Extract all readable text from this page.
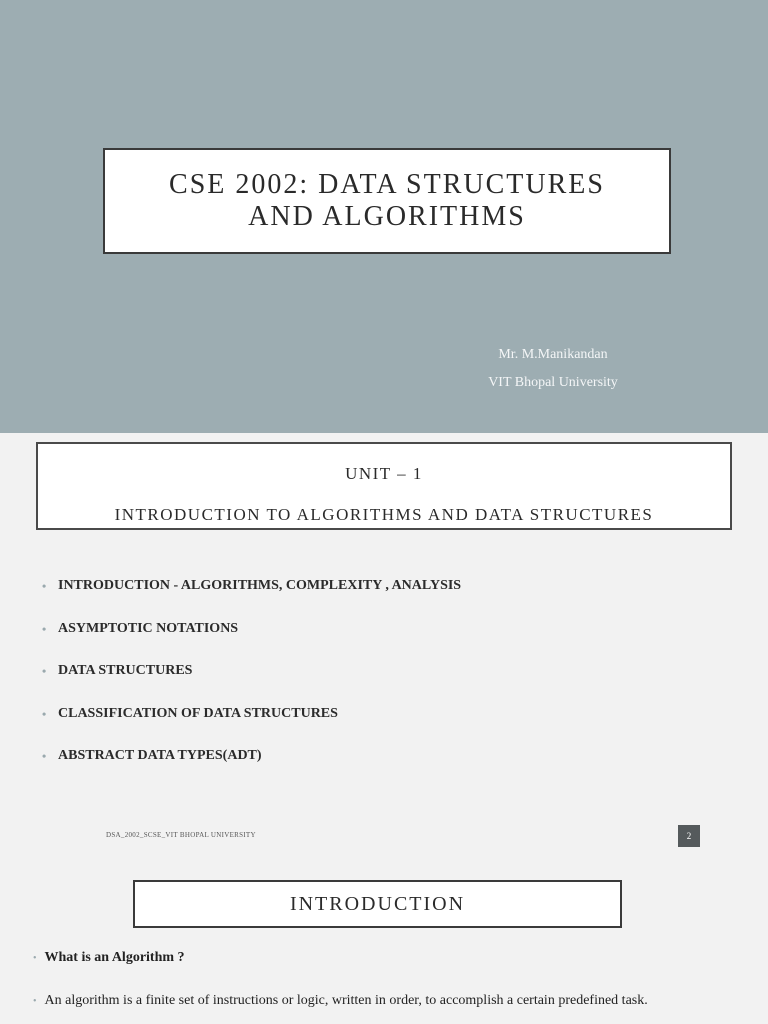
CSE 2002: DATA STRUCTURES
AND ALGORITHMS
Mr. M.Manikandan
VIT Bhopal University
UNIT – 1
INTRODUCTION TO ALGORITHMS AND DATA STRUCTURES
• INTRODUCTION - ALGORITHMS, COMPLEXITY , ANALYSIS
• ASYMPTOTIC NOTATIONS
• DATA STRUCTURES
• CLASSIFICATION OF DATA STRUCTURES
• ABSTRACT DATA TYPES(ADT)
DSA_2002_SCSE_VIT BHOPAL UNIVERSITY	2
INTRODUCTION
• What is an Algorithm ?
• An algorithm is a finite set of instructions or logic, written in order, to accomplish a certain predefined task.
